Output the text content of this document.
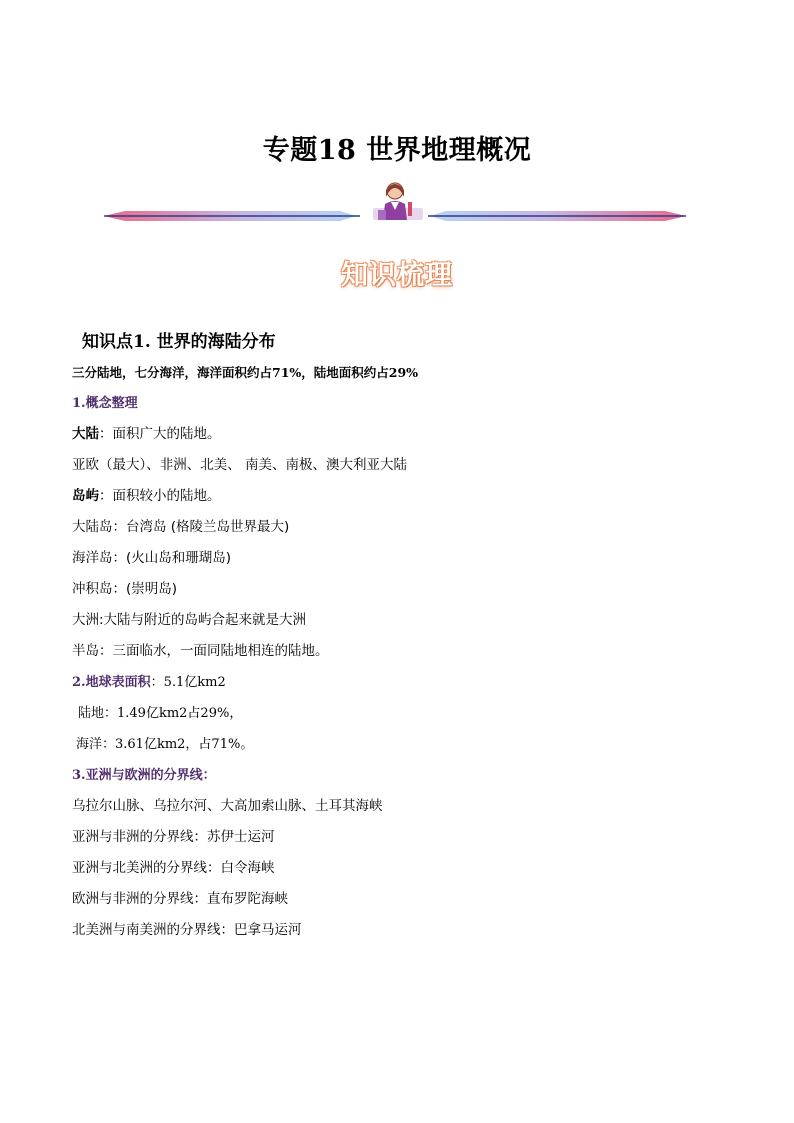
专题18 世界地理概况
知识梳理
知识点1. 世界的海陆分布
三分陆地，七分海洋，海洋面积约占71%，陆地面积约占29%
1.概念整理
大陆：面积广大的陆地。
亚欧（最大）、非洲、北美、 南美、南极、澳大利亚大陆
岛屿：面积较小的陆地。
大陆岛：台湾岛 (格陵兰岛世界最大)
海洋岛：(火山岛和珊瑚岛)
冲积岛：(崇明岛)
大洲:大陆与附近的岛屿合起来就是大洲
半岛：三面临水，一面同陆地相连的陆地。
2.地球表面积：5.1亿km2
陆地：1.49亿km2占29%，
海洋：3.61亿km2，占71%。
3.亚洲与欧洲的分界线：
乌拉尔山脉、乌拉尔河、大高加索山脉、土耳其海峡
亚洲与非洲的分界线：苏伊士运河
亚洲与北美洲的分界线：白令海峡
欧洲与非洲的分界线：直布罗陀海峡
北美洲与南美洲的分界线：巴拿马运河
